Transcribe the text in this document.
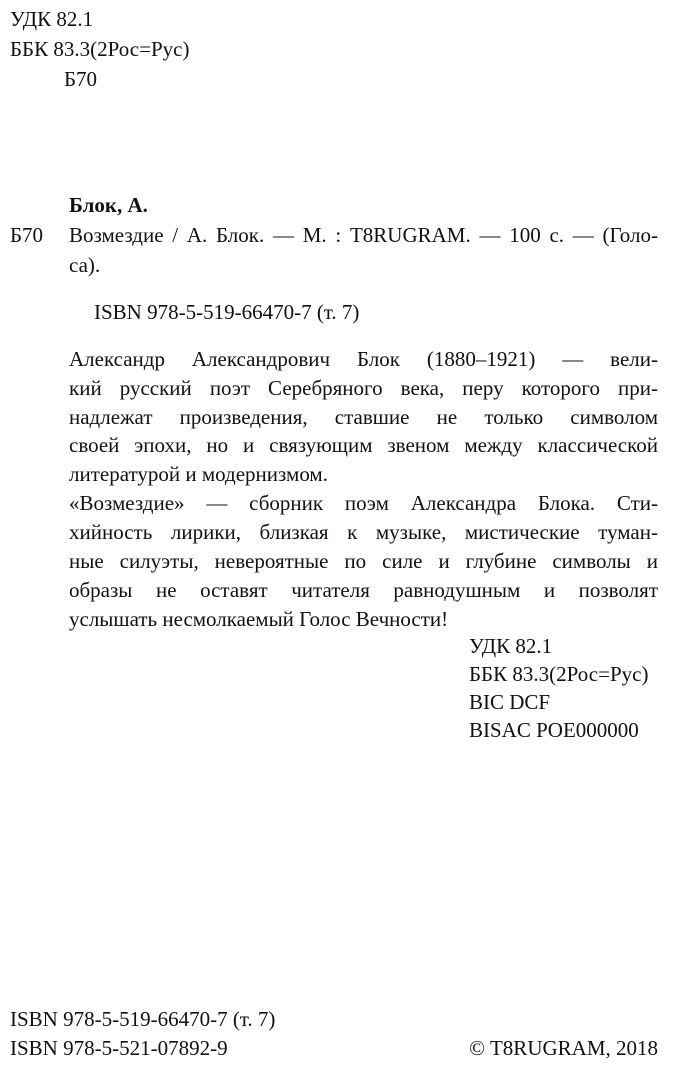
УДК 82.1
ББК 83.3(2Рос=Рус)
Б70
Блок, А.
Б70 Возмездие / А. Блок. — М. : T8RUGRAM. — 100 с. — (Голо-
са).
ISBN 978-5-519-66470-7 (т. 7)
Александр Александрович Блок (1880–1921) — вели-
кий русский поэт Серебряного века, перу которого при-
надлежат произведения, ставшие не только символом
своей эпохи, но и связующим звеном между классической
литературой и модернизмом.
«Возмездие» — сборник поэм Александра Блока. Сти-
хийность лирики, близкая к музыке, мистические туман-
ные силуэты, невероятные по силе и глубине символы и
образы не оставят читателя равнодушным и позволят
услышать несмолкаемый Голос Вечности!
УДК 82.1
ББК 83.3(2Рос=Рус)
BIC DCF
BISAC POE000000
ISBN 978-5-519-66470-7 (т. 7)
ISBN 978-5-521-07892-9	© T8RUGRAM, 2018
